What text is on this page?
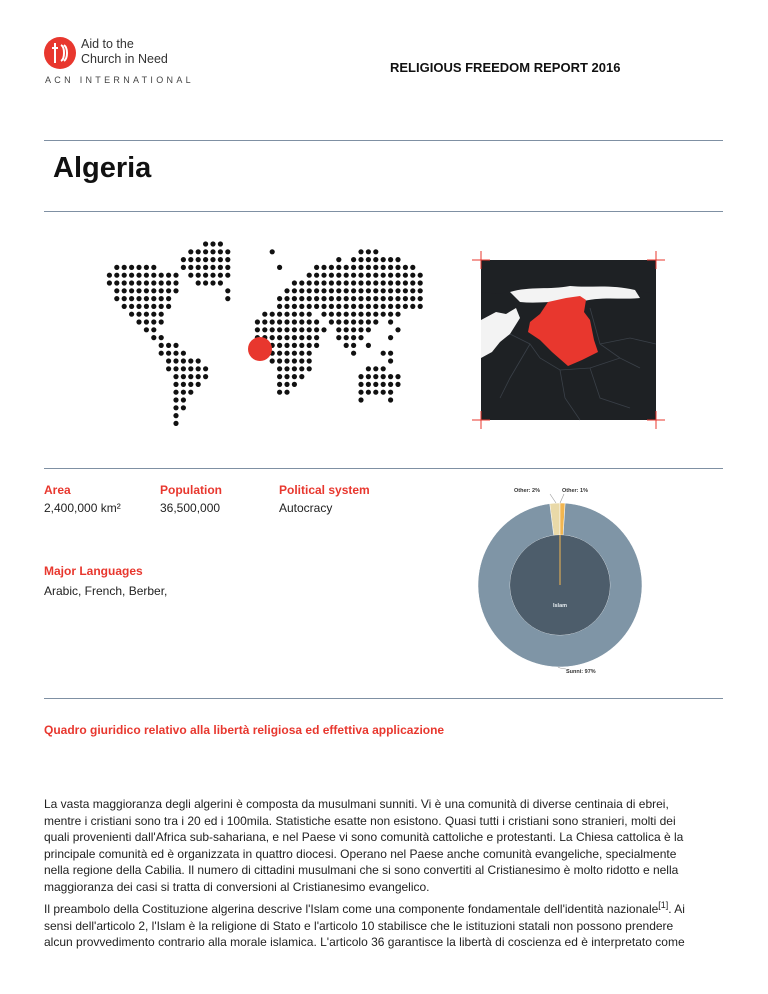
Aid to the
Church in Need
ACN INTERNATIONAL
RELIGIOUS FREEDOM REPORT 2016
Algeria
Area
2,400,000 km²
Population
36,500,000
Political system
Autocracy
Major Languages
Arabic, French, Berber,
Islam
Other: 2%	Other: 1%
Sunni: 97%
Quadro giuridico relativo alla libertà religiosa ed effettiva applicazione
La vasta maggioranza degli algerini è composta da musulmani sunniti. Vi è una comunità di diverse centinaia di ebrei,
mentre i cristiani sono tra i 20 ed i 100mila. Statistiche esatte non esistono. Quasi tutti i cristiani sono stranieri, molti dei
quali provenienti dall'Africa sub-sahariana, e nel Paese vi sono comunità cattoliche e protestanti. La Chiesa cattolica è la
principale comunità ed è organizzata in quattro diocesi. Operano nel Paese anche comunità evangeliche, specialmente
nella regione della Cabilia. Il numero di cittadini musulmani che si sono convertiti al Cristianesimo è molto ridotto e nella
maggioranza dei casi si tratta di conversioni al Cristianesimo evangelico.
Il preambolo della Costituzione algerina descrive l'Islam come una componente fondamentale dell'identità nazionale[1]. Ai
sensi dell'articolo 2, l'Islam è la religione di Stato e l'articolo 10 stabilisce che le istituzioni statali non possono prendere
alcun provvedimento contrario alla morale islamica. L'articolo 36 garantisce la libertà di coscienza ed è interpretato come
